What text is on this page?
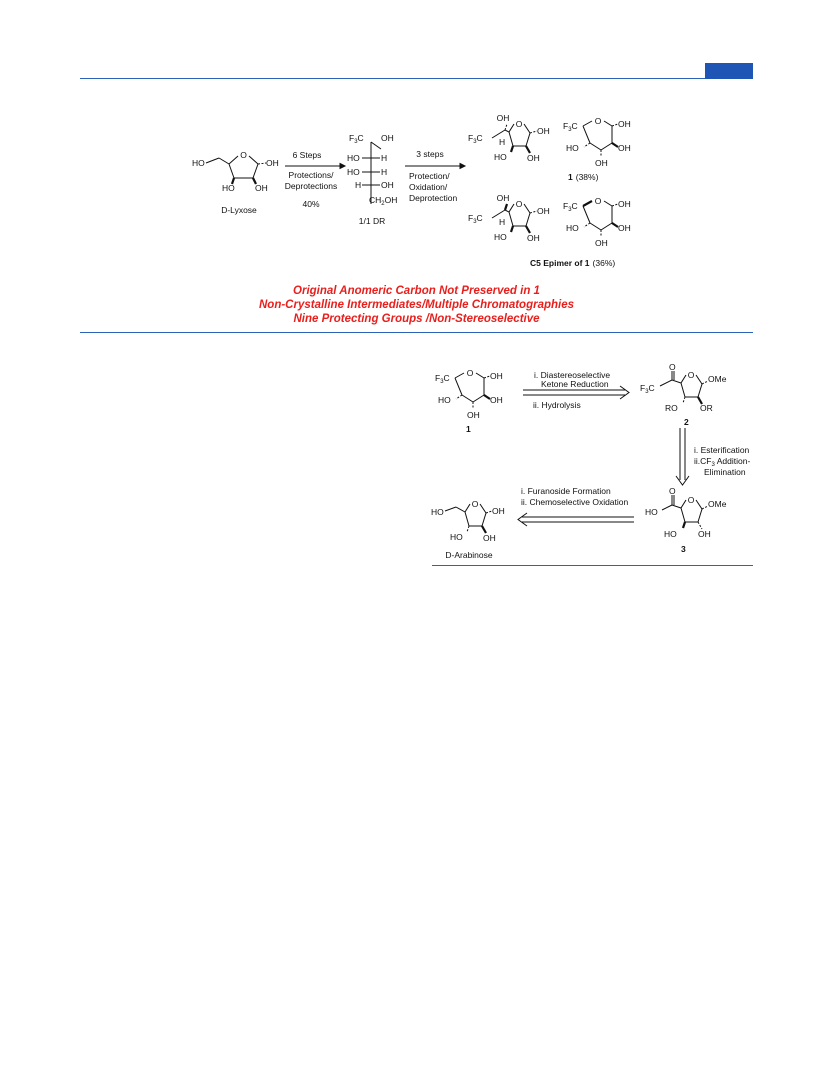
O
HO	OH
HO OH
D-Lyxose
6 Steps
Protections/
Deprotections
40%
$F_3C$ OH
HO	H
HO	H
H OH
$CH_2OH$
1/1 DR
3 steps
Protection/
Oxidation/
Deprotection
OH
$F_3C$ H
O
OH
HO OH
$F_3C$ O OH
HO	OH
OH
1 (38%)
OH
$F_3C$ H
O
OH
HO OH
$F_3C$ O OH
HO	OH
OH
C5 Epimer of 1 (36%)
Original Anomeric Carbon Not Preserved in 1
Non-Crystalline Intermediates/Multiple Chromatographies
Nine Protecting Groups /Non-Stereoselective
$F_3C$ O OH
HO	OH
OH
1
i. Diastereoselective
Ketone Reduction
ii. Hydrolysis
O
$F_3C$
O OMe
RO	OR
2
i. Esterification
$ii.CF_3$ Addition-
Elimination
O
HO
O OMe
HO	OH
3
i. Furanoside Formation
ii. Chemoselective Oxidation
HO
O
OH
HO OH
D-Arabinose
